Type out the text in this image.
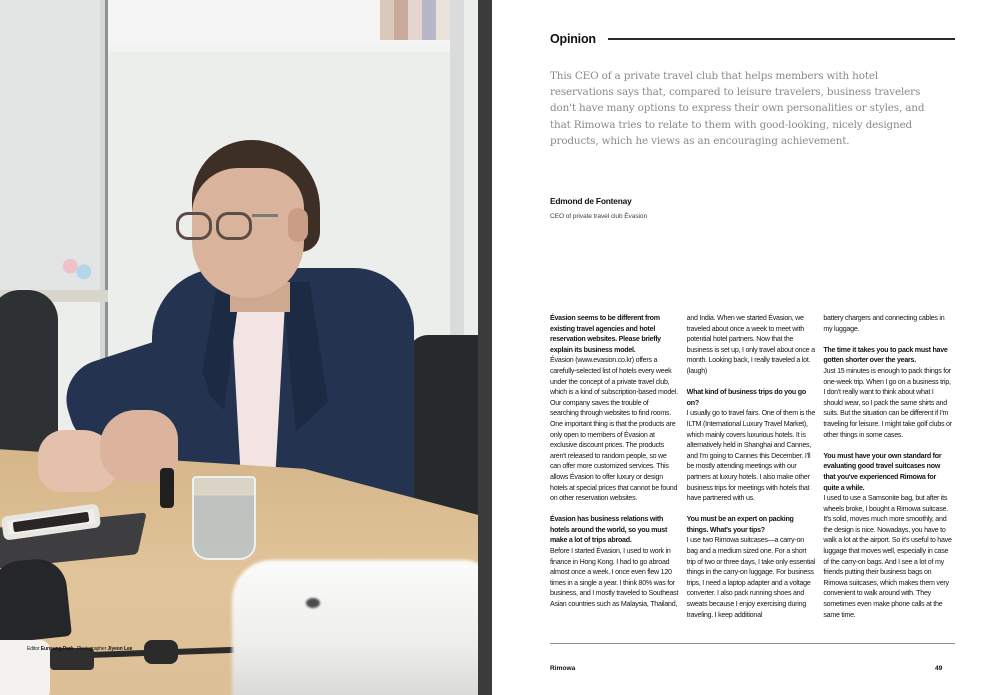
Editor Eunsung Park Photographer Jiyeon Lee
Opinion

This CEO of a private travel club that helps members with hotel reservations says that, compared to leisure travelers, business travelers don't have many options to express their own personalities or styles, and that Rimowa tries to relate to them with good-looking, nicely designed products, which he views as an encouraging achievement.

Edmond de Fontenay
CEO of private travel club Évasion

Évasion seems to be different from existing travel agencies and hotel reservation websites. Please briefly explain its business model.
Évasion (www.evasion.co.kr) offers a carefully-selected list of hotels every week under the concept of a private travel club, which is a kind of subscription-based model. Our company saves the trouble of searching through websites to find rooms. One important thing is that the products are only open to members of Évasion at exclusive discount prices. The products aren't released to random people, so we can offer more customized services. This allows Évasion to offer luxury or design hotels at special prices that cannot be found on other reservation websites.

Évasion has business relations with hotels around the world, so you must make a lot of trips abroad.
Before I started Évasion, I used to work in finance in Hong Kong. I had to go abroad almost once a week. I once even flew 120 times in a single a year. I think 80% was for business, and I mostly traveled to Southeast Asian countries such as Malaysia, Thailand,

and India. When we started Évasion, we traveled about once a week to meet with potential hotel partners. Now that the business is set up, I only travel about once a month. Looking back, I really traveled a lot. (laugh)

What kind of business trips do you go on?
I usually go to travel fairs. One of them is the ILTM (International Luxury Travel Market), which mainly covers luxurious hotels. It is alternatively held in Shanghai and Cannes, and I'm going to Cannes this December. I'll be mostly attending meetings with our partners at luxury hotels. I also make other business trips for meetings with hotels that have partnered with us.

You must be an expert on packing things. What's your tips?
I use two Rimowa suitcases—a carry-on bag and a medium sized one. For a short trip of two or three days, I take only essential things in the carry-on luggage. For business trips, I need a laptop adapter and a voltage converter. I also pack running shoes and sweats because I enjoy exercising during traveling. I keep additional

battery chargers and connecting cables in my luggage.

The time it takes you to pack must have gotten shorter over the years.
Just 15 minutes is enough to pack things for one-week trip. When I go on a business trip, I don't really want to think about what I should wear, so I pack the same shirts and suits. But the situation can be different if I'm traveling for leisure. I might take golf clubs or other things in some cases.

You must have your own standard for evaluating good travel suitcases now that you've experienced Rimowa for quite a while.
I used to use a Samsonite bag, but after its wheels broke, I bought a Rimowa suitcase. It's solid, moves much more smoothly, and the design is nice. Nowadays, you have to walk a lot at the airport. So it's useful to have luggage that moves well, especially in case of the carry-on bags. And I see a lot of my friends putting their business bags on Rimowa suitcases, which makes them very convenient to walk around with. They sometimes even make phone calls at the same time.

Rimowa	49
